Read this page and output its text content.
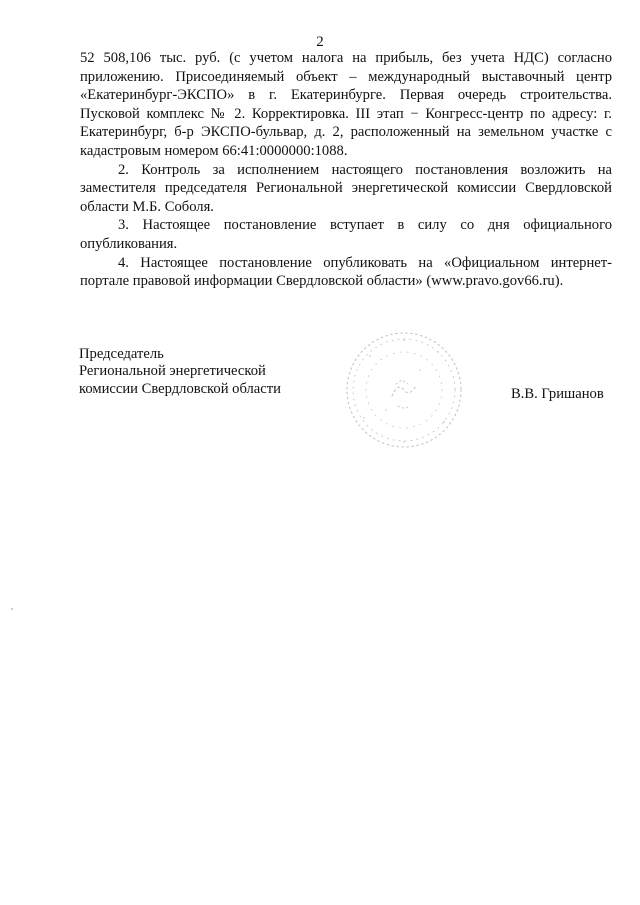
2

52 508,106 тыс. руб. (с учетом налога на прибыль, без учета НДС) согласно приложению. Присоединяемый объект – международный выставочный центр «Екатеринбург-ЭКСПО» в г. Екатеринбурге. Первая очередь строительства. Пусковой комплекс № 2. Корректировка. III этап − Конгресс-центр по адресу: г. Екатеринбург, б-р ЭКСПО-бульвар, д. 2, расположенный на земельном участке с кадастровым номером 66:41:0000000:1088.

2. Контроль за исполнением настоящего постановления возложить на заместителя председателя Региональной энергетической комиссии Свердловской области М.Б. Соболя.

3. Настоящее постановление вступает в силу со дня официального опубликования.

4. Настоящее постановление опубликовать на «Официальном интернет-портале правовой информации Свердловской области» (www.pravo.gov66.ru).

Председатель
Региональной энергетической
комиссии Свердловской области	В.В. Гришанов
